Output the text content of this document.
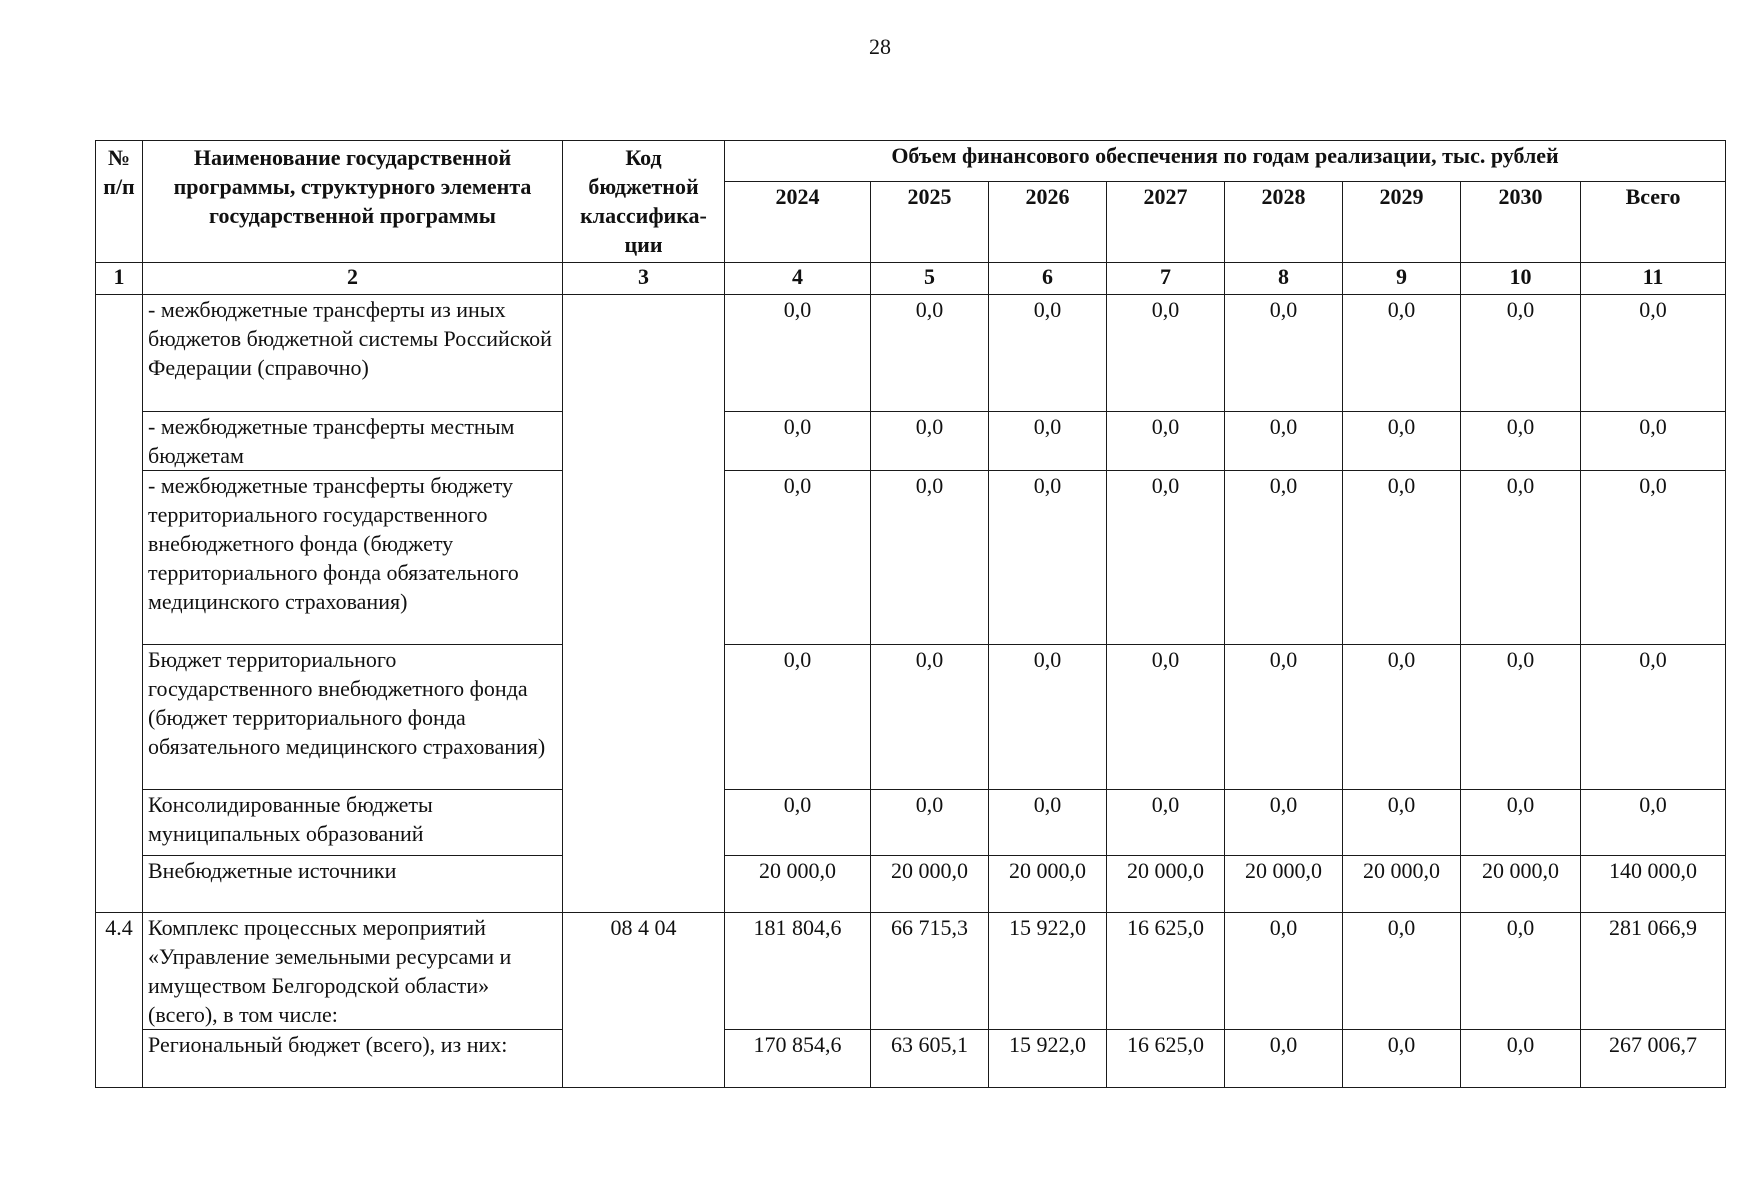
28
№ п/п	Наименование государственной программы, структурного элемента государственной программы	Код бюджетной классифика-ции	Объем финансового обеспечения по годам реализации, тыс. рублей							
			2024	2025	2026	2027	2028	2029	2030	Всего
1	2	3	4	5	6	7	8	9	10	11
	- межбюджетные трансферты из иных бюджетов бюджетной системы Российской Федерации (справочно)		0,0	0,0	0,0	0,0	0,0	0,0	0,0	0,0
	- межбюджетные трансферты местным бюджетам		0,0	0,0	0,0	0,0	0,0	0,0	0,0	0,0
	- межбюджетные трансферты бюджету территориального государственного внебюджетного фонда (бюджету территориального фонда обязательного медицинского страхования)		0,0	0,0	0,0	0,0	0,0	0,0	0,0	0,0
	Бюджет территориального государственного внебюджетного фонда (бюджет территориального фонда обязательного медицинского страхования)		0,0	0,0	0,0	0,0	0,0	0,0	0,0	0,0
	Консолидированные бюджеты муниципальных образований		0,0	0,0	0,0	0,0	0,0	0,0	0,0	0,0
	Внебюджетные источники		20 000,0	20 000,0	20 000,0	20 000,0	20 000,0	20 000,0	20 000,0	140 000,0
4.4	Комплекс процессных мероприятий «Управление земельными ресурсами и имуществом Белгородской области» (всего), в том числе:	08 4 04	181 804,6	66 715,3	15 922,0	16 625,0	0,0	0,0	0,0	281 066,9
	Региональный бюджет (всего), из них:		170 854,6	63 605,1	15 922,0	16 625,0	0,0	0,0	0,0	267 006,7
